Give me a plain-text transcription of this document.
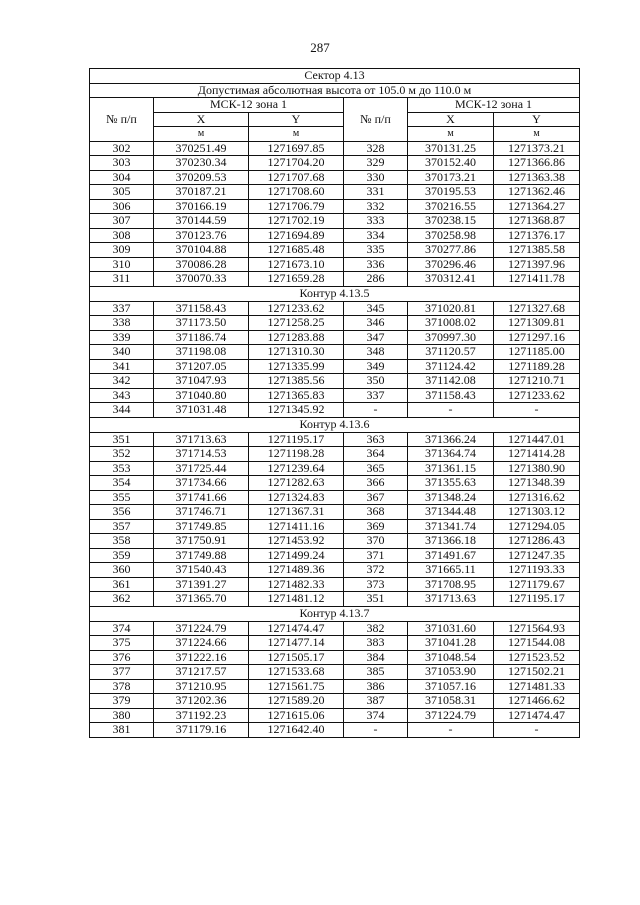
287
Сектор 4.13					
Допустимая абсолютная высота от 105.0 м до 110.0 м					
№ п/п	МСК-12 зона 1		№ п/п	МСК-12 зона 1	
	X	Y		X	Y
	м	м		м	м
302	370251.49	1271697.85	328	370131.25	1271373.21
303	370230.34	1271704.20	329	370152.40	1271366.86
304	370209.53	1271707.68	330	370173.21	1271363.38
305	370187.21	1271708.60	331	370195.53	1271362.46
306	370166.19	1271706.79	332	370216.55	1271364.27
307	370144.59	1271702.19	333	370238.15	1271368.87
308	370123.76	1271694.89	334	370258.98	1271376.17
309	370104.88	1271685.48	335	370277.86	1271385.58
310	370086.28	1271673.10	336	370296.46	1271397.96
311	370070.33	1271659.28	286	370312.41	1271411.78
Контур 4.13.5					
337	371158.43	1271233.62	345	371020.81	1271327.68
338	371173.50	1271258.25	346	371008.02	1271309.81
339	371186.74	1271283.88	347	370997.30	1271297.16
340	371198.08	1271310.30	348	371120.57	1271185.00
341	371207.05	1271335.99	349	371124.42	1271189.28
342	371047.93	1271385.56	350	371142.08	1271210.71
343	371040.80	1271365.83	337	371158.43	1271233.62
344	371031.48	1271345.92	-	-	-
Контур 4.13.6					
351	371713.63	1271195.17	363	371366.24	1271447.01
352	371714.53	1271198.28	364	371364.74	1271414.28
353	371725.44	1271239.64	365	371361.15	1271380.90
354	371734.66	1271282.63	366	371355.63	1271348.39
355	371741.66	1271324.83	367	371348.24	1271316.62
356	371746.71	1271367.31	368	371344.48	1271303.12
357	371749.85	1271411.16	369	371341.74	1271294.05
358	371750.91	1271453.92	370	371366.18	1271286.43
359	371749.88	1271499.24	371	371491.67	1271247.35
360	371540.43	1271489.36	372	371665.11	1271193.33
361	371391.27	1271482.33	373	371708.95	1271179.67
362	371365.70	1271481.12	351	371713.63	1271195.17
Контур 4.13.7					
374	371224.79	1271474.47	382	371031.60	1271564.93
375	371224.66	1271477.14	383	371041.28	1271544.08
376	371222.16	1271505.17	384	371048.54	1271523.52
377	371217.57	1271533.68	385	371053.90	1271502.21
378	371210.95	1271561.75	386	371057.16	1271481.33
379	371202.36	1271589.20	387	371058.31	1271466.62
380	371192.23	1271615.06	374	371224.79	1271474.47
381	371179.16	1271642.40	-	-	-
